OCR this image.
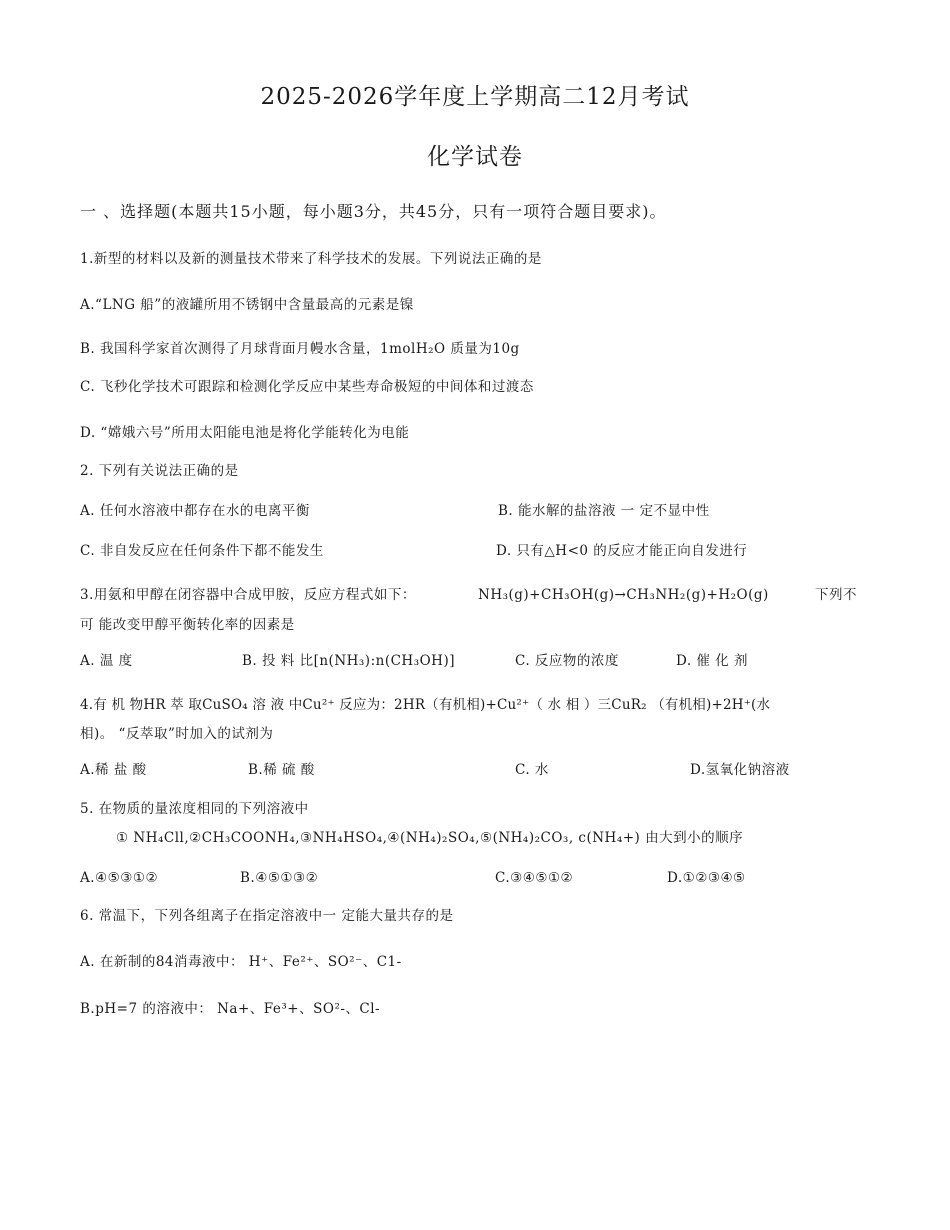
2025-2026学年度上学期高二12月考试
化学试卷
一 、选择题(本题共15小题，每小题3分，共45分，只有一项符合题目要求)。
1.新型的材料以及新的测量技术带来了科学技术的发展。下列说法正确的是
A.“LNG 船”的液罐所用不锈钢中含量最高的元素是镍
B. 我国科学家首次测得了月球背面月幔水含量，1molH₂O 质量为10g
C. 飞秒化学技术可跟踪和检测化学反应中某些寿命极短的中间体和过渡态
D. “嫦娥六号”所用太阳能电池是将化学能转化为电能
2. 下列有关说法正确的是
A. 任何水溶液中都存在水的电离平衡	B. 能水解的盐溶液 一 定不显中性
C. 非自发反应在任何条件下都不能发生	D. 只有△H<0 的反应才能正向自发进行
3.用氨和甲醇在闭容器中合成甲胺，反应方程式如下：	NH₃(g)+CH₃OH(g)→CH₃NH₂(g)+H₂O(g)	下列不
可 能改变甲醇平衡转化率的因素是
A. 温 度	B. 投 料 比[n(NH₃):n(CH₃OH)]	C. 反应物的浓度	D. 催 化 剂
4.有 机 物HR 萃 取CuSO₄ 溶 液 中Cu²⁺ 反应为：2HR（有机相)+Cu²⁺（ 水 相 ）三CuR₂ （有机相)+2H⁺(水
相)。 “反萃取”时加入的试剂为
A.稀 盐 酸	B.稀 硫 酸	C. 水	D.氢氧化钠溶液
5. 在物质的量浓度相同的下列溶液中
① NH₄Cll,②CH₃COONH₄,③NH₄HSO₄,④(NH₄)₂SO₄,⑤(NH₄)₂CO₃, c(NH₄+) 由大到小的顺序
A.④⑤③①②	B.④⑤①③②	C.③④⑤①②	D.①②③④⑤
6. 常温下，下列各组离子在指定溶液中一 定能大量共存的是
A. 在新制的84消毒液中： H⁺、Fe²⁺、SO²⁻、C1-
B.pH=7 的溶液中： Na+、Fe³+、SO²-、Cl-
